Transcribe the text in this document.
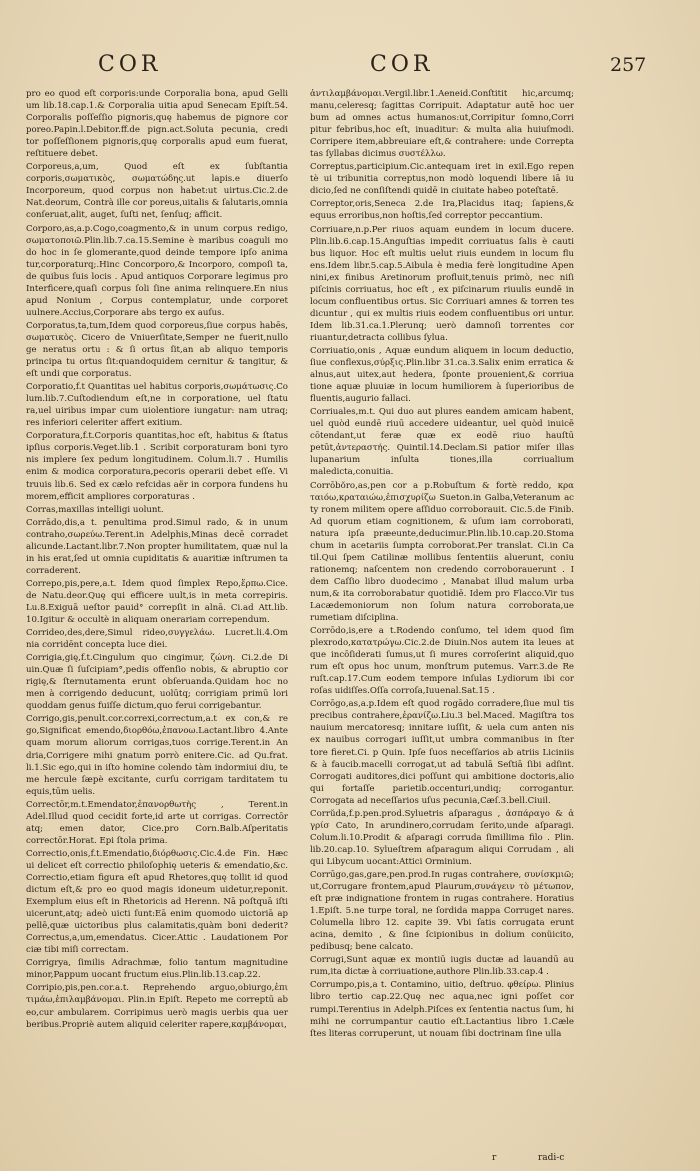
COR	COR	257

pro eo quod eſt corporis:unde Corporalia bona, apud Gelli um lib.18.cap.1.& Corporalia uitia apud Senecam Epiſt.54. Corporalis poſſeſſio pignoris,quę habemus de pignore cor poreo.Papin.l.Debitor.ff.de pign.act.Soluta pecunia, credi tor poſſeſſionem pignoris,quę corporalis apud eum fuerat, reſtituere debet.

Corporeus,a,um, Quod eſt ex ſubſtantia corporis,σωματικὸς, σωματώδης.ut lapis.e diuerſo Incorporeum, quod corpus non habet:ut uirtus.Cic.2.de Nat.deorum, Contrà ille cor poreus,uitalis & ſalutaris,omnia conſeruat,alit, auget, ſuſti net, ſenſuq; afficit.

Corporo,as,a.p.Cogo,coagmento,& in unum corpus redigo, σωματοποιῶ.Plin.lib.7.ca.15.Semine è maribus coaguli mo do hoc in ſe glomerante,quod deinde tempore ipſo anima tur,corporaturq;.Hinc Concorporo,& Incorporo, compoſi ta, de quibus ſuis locis . Apud antiquos Corporare legimus pro Interficere,quaſi corpus ſoli ſine anima relinquere.En nius apud Nonium , Corpus contemplatur, unde corporet uulnere.Accius,Corporare abs tergo ex auſus.

Corporatus,ta,tum,Idem quod corporeus,ſiue corpus habēs, σωματικὸς. Cicero de Vniuerſitate,Semper ne fuerit,nullo ge neratus ortu : & ſi ortus ſit,an ab aliquo temporis principa tu ortus ſit:quandoquidem cernitur & tangitur, & eſt undi que corporatus.

Corporatio,f.t Quantitas uel habitus corporis,σωμάτωσις.Co lum.lib.7.Cuſtodiendum eſt,ne in corporatione, uel ſtatu ra,uel uiribus impar cum uiolentiore iungatur: nam utraq; res inferiori celeriter affert exitium.

Corporatura,f.t.Corporis quantitas,hoc eſt, habitus & ſtatus ipſius corporis.Veget.lib.1 . Scribit corporaturam boni tyro nis implere ſex pedum longitudinem. Colum.li.7 . Humilis enim & modica corporatura,pecoris operarii debet eſſe. Vi truuis lib.6. Sed ex cælo refcidas aër in corpora fundens hu morem,efficit ampliores corporaturas .

Corras,maxillas intelligi uolunt.

Corrādo,dis,a t. penultima prod.Simul rado, & in unum contraho,σωρεύω.Terent.in Adelphis,Minas decē corradet alicunde.Lactant.libr.7.Non propter humilitatem, quæ nul la in his erat,ſed ut omnia cupiditatis & auaritiæ inſtrumen ta corraderent.

Correpo,pis,pere,a.t. Idem quod ſimplex Repo,ἕρπω.Cice. de Natu.deor.Quę qui efficere uult,is in meta correpiris. Lu.8.Exiguā ueſtor pauid° correpſit in alnā. Ci.ad Att.lib. 10.Igitur & occultè in aliquam onerariam corrependum.

Corrideo,des,dere,Simul rideo,συγγελάω. Lucret.li.4.Om nia corridēnt concepta luce diei.

Corrigia,gię,f.t.Cingulum quo cingimur, ζώνη. Ci.2.de Di uin.Quæ ſi ſuſcipiam°,pedis offenſio nobis, & abruptio cor rigię,& ſternutamenta erunt obſeruanda.Quidam hoc no men à corrigendo deducunt, uolūtq; corrigiam primū lori quoddam genus fuiſſe dictum,quo ferui corrigebantur.

Corrigo,gis,penult.cor.correxi,correctum,a.t ex con,& re go,Significat emendo,διορθόω,ἐπανοω.Lactant.libro 4.Ante quam morum aliorum corrigas,tuos corrige.Terent.in An dria,Corrigere mihi gnatum porrò enitere.Cic. ad Qu.frat. li.1.Sic ego,qui in iſto homine colendo tàm indormiui diu, te me hercule ſæpè excitante, curſu corrigam tarditatem tu equis,tūm uelis.

Correctōr,m.t.Emendator,ἐπανορθωτὴς , Terent.in Adel.Illud quod cecidit forte,id arte ut corrigas. Correctōr atq; emen dator, Cice.pro Corn.Balb.Aſperitatis correctōr.Horat. Epi ſtola prima.

Correctio,onis,f.t.Emendatio,διόρθωσις.Cic.4.de Fin. Hæc ui delicet eſt correctio philoſophię ueteris & emendatio,&c. Correctio,etiam figura eſt apud Rhetores,quę tollit id quod dictum eſt,& pro eo quod magis idoneum uidetur,reponit. Exemplum eius eſt in Rhetoricis ad Herenn. Nā poſtquā iſti uicerunt,atq; adeò uicti ſunt:Eā enim quomodo uictoriā ap pellē,quæ uictoribus plus calamitatis,quàm boni dederit? Correctus,a,um,emendatus. Cicer.Attic . Laudationem Por ciæ tibi miſi correctam.

Corrigrya, ſimilis Adrachmæ, folio tantum magnitudine minor,Pappum uocant fructum eius.Plin.lib.13.cap.22.

Corripio,pis,pen.cor.a.t. Reprehendo arguo,obiurgo,ἐπι τιμάω,ἐπιλαμβάνομαι. Plin.in Epiſt. Repeto me correptū ab eo,cur ambularem. Corripimus uerò magis uerbis qua uer beribus.Propriè autem aliquid celeriter rapere,καμβάνομαι,

ἀντιλαμβάνομαι.Vergil.libr.1.Aeneid.Conſtitit hic,arcumq; manu,celeresq; ſagittas Corripuit. Adaptatur autē hoc uer bum ad omnes actus humanos:ut,Corripitur ſomno,Corri pitur febribus,hoc eſt, inuaditur: & multa alia huiuſmodi. Corripere item,abbreuiare eſt,& contrahere: unde Correpta tas ſyllabas dicimus συστέλλω.

Correptus,participium.Cic.antequam iret in exil.Ego repen tè ui tribunitia correptus,non modò loquendi libere iā iu dicio,ſed ne conſiſtendi quidē in ciuitate habeo poteſtatē.

Correptor,oris,Seneca 2.de Ira,Placidus itaq; ſapiens,& equus erroribus,non hoſtis,ſed correptor peccantium.

Corriuare,n.p.Per riuos aquam eundem in locum ducere. Plin.lib.6.cap.15.Anguſtias impedit corriuatus ſalis è cauti bus liquor. Hoc eſt multis uelut riuis eundem in locum flu ens.Idem libr.5.cap.5.Aibula è media ferè longitudine Apen nini,ex finibus Aretinorum profluit,tenuis primò, nec niſi piſcinis corriuatus, hoc eſt , ex piſcinarum riuulis eundē in locum confluentibus ortus. Sic Corriuari amnes & torren tes dicuntur , qui ex multis riuis eodem confluentibus ori untur. Idem lib.31.ca.1.Plerunq; uerò damnoſi torrentes cor riuantur,detracta collibus ſylua.

Corriuatio,onis , Aquæ eundum aliquem in locum deductio, ſiue conflexus,σύρξις.Plin.libr 31.ca.3.Salix enim erratica & alnus,aut uitex,aut hedera, ſponte prouenient,& corriua tione aquæ pluuiæ in locum humiliorem à ſuperioribus de fluentis,augurio fallaci.

Corriuales,m.t. Qui duo aut plures eandem amicam habent, uel quòd eundē riuū accedere uideantur, uel quòd inuicē cōtendant,ut feræ quæ ex eodē riuo hauſtū petūt,ἀντεραστής. Quintil.14.Declam.Si patior miſer illas lupanarium inſulta tiones,illa corriualium maledicta,conuitia.

Corrōbŏro,as,pen cor a p.Robuſtum & fortè reddo, κρα ταιόω,κραταιώω,ἐπισχυρίζω Sueton.in Galba,Veteranum ac ty ronem militem opere aſſiduo corroborauit. Cic.5.de Finib. Ad quorum etiam cognitionem, & uſum iam corroborati, natura ipſa præeunte,deducimur.Plin.lib.10.cap.20.Stoma chum in acetariis ſumpta corroborat.Per translat. Ci.in Ca til.Qui ſpem Catilinæ mollibus ſententiis aluerunt, coniu rationemq; naſcentem non credendo corroborauerunt . I dem Caſſio libro duodecimo , Manabat illud malum urba num,& ita corroborabatur quotidiē. Idem pro Flacco.Vir tus Lacædemoniorum non ſolum natura corroborata,ue rumetiam diſciplina.

Corrōdo,is,ere a t.Rodendo conſumo, tel idem quod ſim plexrodo,κατατρώγω.Cic.2.de Diuin.Nos autem ita leues at que incōſiderati ſumus,ut ſi mures corroſerint aliquid,quo rum eſt opus hoc unum, monſtrum putemus. Varr.3.de Re ruſt.cap.17.Cum eodem tempore inſulas Lydiorum ibi cor roſas uidiſſes.Oſſa corroſa,Iuuenal.Sat.15 .

Corrōgo,as,a.p.Idem eſt quod rogādo corradere,ſiue mul tis precibus contrahere,ἐρανίζω.Liu.3 bel.Maced. Magiſtra tos nauium mercatoresq; innitare iuſſit, & uela cum anten nis ex nauibus corrogari iuſſit,ut umbra commanibus in ſter tore fieret.Ci. p Quin. Ipſe ſuos neceſſarios ab atriis Liciniis & à faucib.macelli corrogat,ut ad tabulā Seſtiā ſibi adſint. Corrogati auditores,dici poſſunt qui ambitione doctoris,alio qui fortaſſe parietib.occenturi,undiq; corrogantur. Corrogata ad neceſſarios uſus pecunia,Cæſ.3.bell.Ciuil.

Corrŭda,f.p.pen.prod.Syluetris aſparagus , ἀσπάραγο & ἀ γρίσ Cato, In arundinero,corrudam ſerito,unde aſparagi. Colum.li.10.Prodit & aſparagi corruda ſimillima filo . Plin. lib.20.cap.10. Sylueſtrem aſparagum aliqui Corrudam , ali qui Libycum uocant:Attici Orminium.

Corrūgo,gas,gare,pen.prod.In rugas contrahere, συνίσκμιῶ; ut,Corrugare frontem,apud Plaurum,συνάγειν τὸ μέτωπον, eſt præ indignatione frontem in rugas contrahere. Horatius 1.Epiſt. 5.ne turpe toral, ne ſordida mappa Corruget nares. Columella libro 12. capite 39. Vbi ſatis corrugata erunt acina, demito , & ſine ſcipionibus in dolium conüicito, pedibusq; bene calcato.

Corrugi,Sunt aquæ ex montiū iugis ductæ ad lauandū au rum,ita dictæ à corriuatione,authore Plin.lib.33.cap.4 .

Corrumpo,pis,a t. Contamino, uitio, deſtruo. φθείρω. Plinius libro tertio cap.22.Quę nec aqua,nec igni poſſet cor rumpi.Terentius in Adelph.Piſces ex ſententia nactus ſum, hi mihi ne corrumpantur cautio eſt.Lactantius libro 1.Cæle ſtes literas corruperunt, ut nouam ſibi doctrinam ſine ulla

r	radi-c
